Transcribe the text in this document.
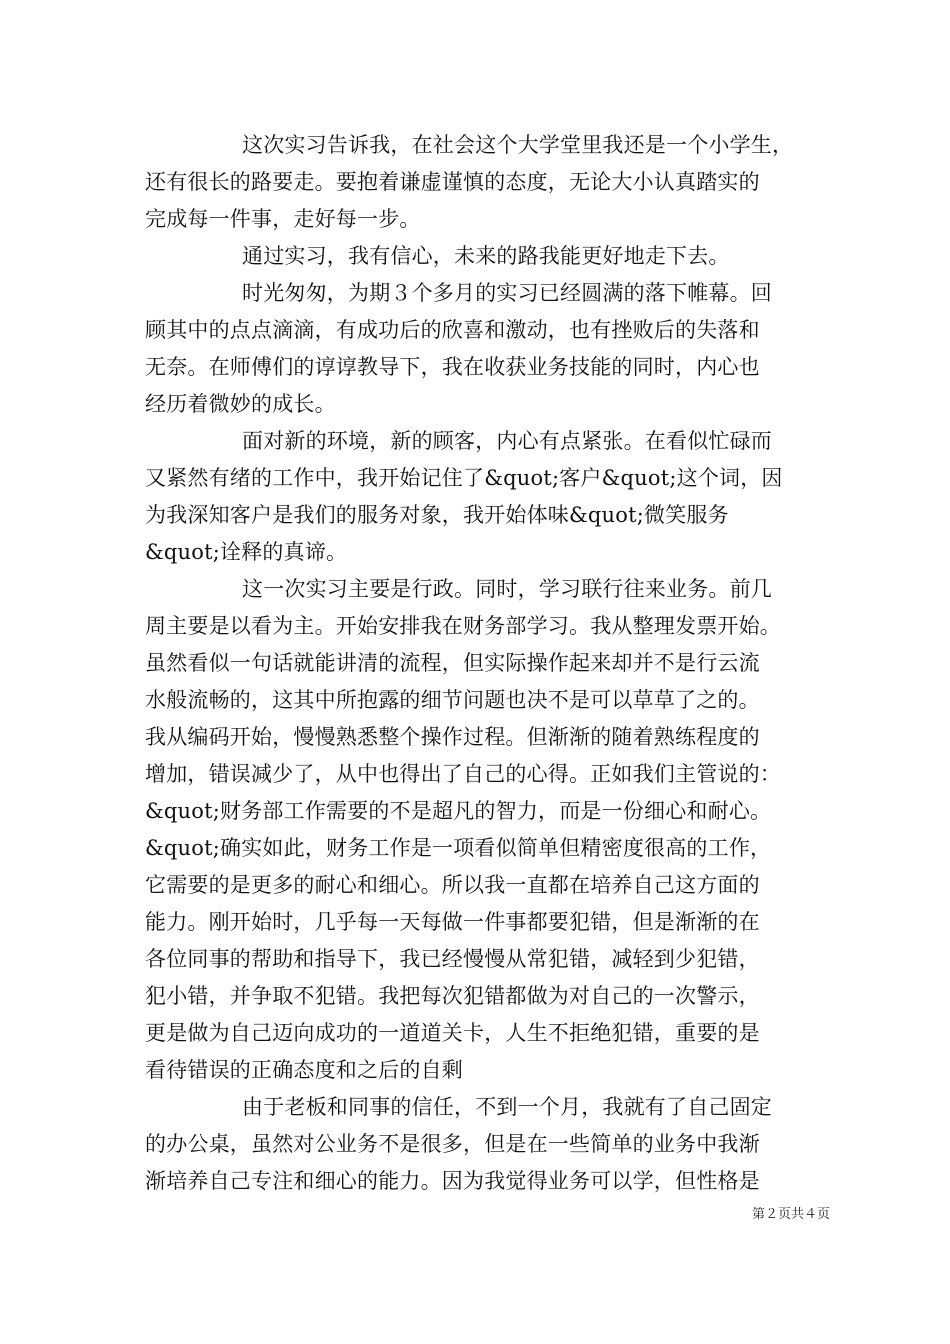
这次实习告诉我，在社会这个大学堂里我还是一个小学生，
还有很长的路要走。要抱着谦虚谨慎的态度，无论大小认真踏实的
完成每一件事，走好每一步。
通过实习，我有信心，未来的路我能更好地走下去。
时光匆匆，为期３个多月的实习已经圆满的落下帷幕。回
顾其中的点点滴滴，有成功后的欣喜和激动，也有挫败后的失落和
无奈。在师傅们的谆谆教导下，我在收获业务技能的同时，内心也
经历着微妙的成长。
面对新的环境，新的顾客，内心有点紧张。在看似忙碌而
又紧然有绪的工作中，我开始记住了&quot;客户&quot;这个词，因
为我深知客户是我们的服务对象，我开始体味&quot;微笑服务
&quot;诠释的真谛。
这一次实习主要是行政。同时，学习联行往来业务。前几
周主要是以看为主。开始安排我在财务部学习。我从整理发票开始。
虽然看似一句话就能讲清的流程，但实际操作起来却并不是行云流
水般流畅的，这其中所抱露的细节问题也决不是可以草草了之的。
我从编码开始，慢慢熟悉整个操作过程。但渐渐的随着熟练程度的
增加，错误减少了，从中也得出了自己的心得。正如我们主管说的：
&quot;财务部工作需要的不是超凡的智力，而是一份细心和耐心。
&quot;确实如此，财务工作是一项看似简单但精密度很高的工作，
它需要的是更多的耐心和细心。所以我一直都在培养自己这方面的
能力。刚开始时，几乎每一天每做一件事都要犯错，但是渐渐的在
各位同事的帮助和指导下，我已经慢慢从常犯错，减轻到少犯错，
犯小错，并争取不犯错。我把每次犯错都做为对自己的一次警示，
更是做为自己迈向成功的一道道关卡，人生不拒绝犯错，重要的是
看待错误的正确态度和之后的自剩
由于老板和同事的信任，不到一个月，我就有了自己固定
的办公桌，虽然对公业务不是很多，但是在一些简单的业务中我渐
渐培养自己专注和细心的能力。因为我觉得业务可以学，但性格是
第２页共４页
